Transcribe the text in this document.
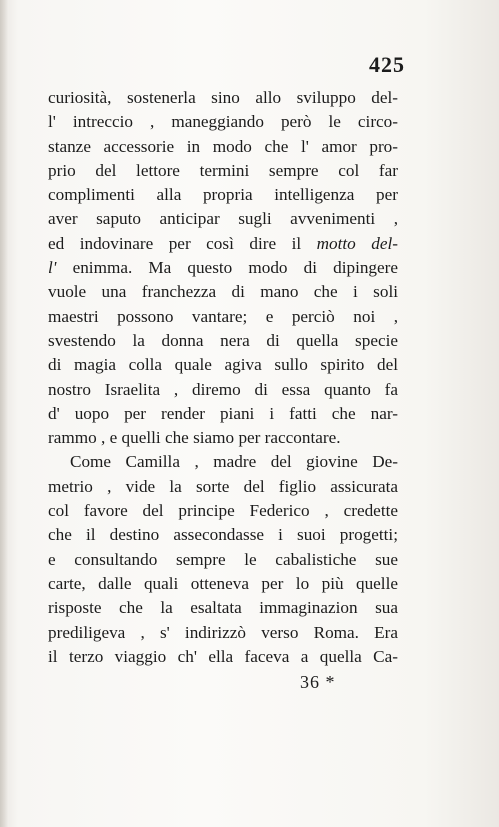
425
curiosità, sostenerla sino allo sviluppo del-
l' intreccio , maneggiando però le circo-
stanze accessorie in modo che l' amor pro-
prio del lettore termini sempre col far
complimenti alla propria intelligenza per
aver saputo anticipar sugli avvenimenti ,
ed indovinare per così dire il motto del-
l' enimma. Ma questo modo di dipingere
vuole una franchezza di mano che i soli
maestri possono vantare; e perciò noi ,
svestendo la donna nera di quella specie
di magia colla quale agiva sullo spirito del
nostro Israelita , diremo di essa quanto fa
d' uopo per render piani i fatti che nar-
rammo , e quelli che siamo per raccontare.
Come Camilla , madre del giovine De-
metrio , vide la sorte del figlio assicurata
col favore del principe Federico , credette
che il destino assecondasse i suoi progetti;
e consultando sempre le cabalistiche sue
carte, dalle quali otteneva per lo più quelle
risposte che la esaltata immaginazion sua
prediligeva , s' indirizzò verso Roma. Era
il terzo viaggio ch' ella faceva a quella Ca-
36 *
